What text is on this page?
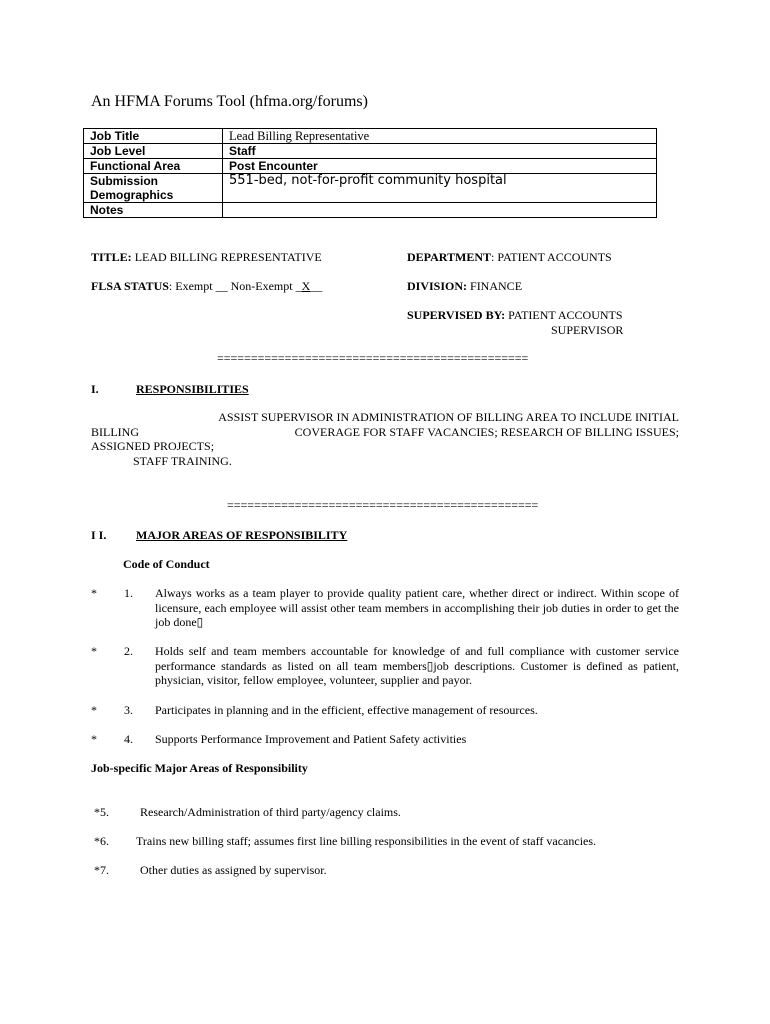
An HFMA Forums Tool (hfma.org/forums)
Job Title	Lead Billing Representative
Job Level	Staff
Functional Area	Post Encounter
Submission	551-bed, not-for-profit community hospital
Demographics	
Notes	
TITLE: LEAD BILLING REPRESENTATIVE	DEPARTMENT: PATIENT ACCOUNTS
FLSA STATUS: Exempt __ Non-Exempt _X__	DIVISION: FINANCE
SUPERVISED BY: PATIENT ACCOUNTS
SUPERVISOR
==============================================
I.	RESPONSIBILITIES
ASSIST SUPERVISOR IN ADMINISTRATION OF BILLING AREA TO INCLUDE INITIAL
BILLING	COVERAGE FOR STAFF VACANCIES; RESEARCH OF BILLING ISSUES;
ASSIGNED PROJECTS;
STAFF TRAINING.
==============================================
I I. MAJOR AREAS OF RESPONSIBILITY
Code of Conduct
* 1. Always works as a team player to provide quality patient care, whether direct or indirect. Within scope of licensure, each employee will assist other team members in accomplishing their job duties in order to get the job done▯
* 2. Holds self and team members accountable for knowledge of and full compliance with customer service performance standards as listed on all team members▯job descriptions. Customer is defined as patient, physician, visitor, fellow employee, volunteer, supplier and payor.
* 3. Participates in planning and in the efficient, effective management of resources.
* 4. Supports Performance Improvement and Patient Safety activities
Job-specific Major Areas of Responsibility
*5.	Research/Administration of third party/agency claims.
*6. Trains new billing staff; assumes first line billing responsibilities in the event of staff vacancies.
*7.	Other duties as assigned by supervisor.
